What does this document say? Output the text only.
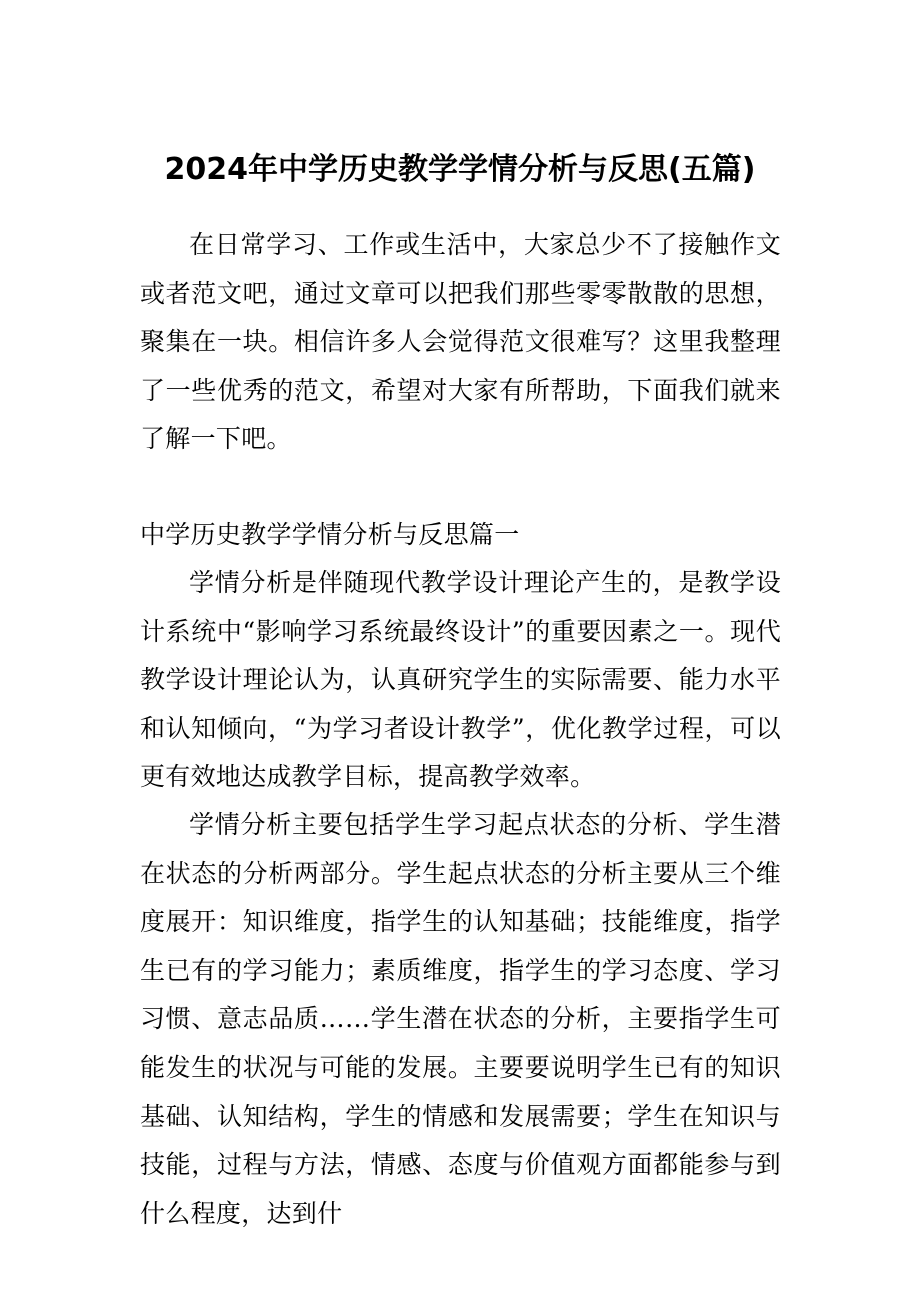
2024年中学历史教学学情分析与反思(五篇)

在日常学习、工作或生活中，大家总少不了接触作文或者范文吧，通过文章可以把我们那些零零散散的思想，聚集在一块。相信许多人会觉得范文很难写？这里我整理了一些优秀的范文，希望对大家有所帮助，下面我们就来了解一下吧。

中学历史教学学情分析与反思篇一

学情分析是伴随现代教学设计理论产生的，是教学设计系统中“影响学习系统最终设计”的重要因素之一。现代教学设计理论认为，认真研究学生的实际需要、能力水平和认知倾向，“为学习者设计教学”，优化教学过程，可以更有效地达成教学目标，提高教学效率。

学情分析主要包括学生学习起点状态的分析、学生潜在状态的分析两部分。学生起点状态的分析主要从三个维度展开：知识维度，指学生的认知基础；技能维度，指学生已有的学习能力；素质维度，指学生的学习态度、学习习惯、意志品质……学生潜在状态的分析，主要指学生可能发生的状况与可能的发展。主要要说明学生已有的知识基础、认知结构，学生的情感和发展需要；学生在知识与技能，过程与方法，情感、态度与价值观方面都能参与到什么程度，达到什
